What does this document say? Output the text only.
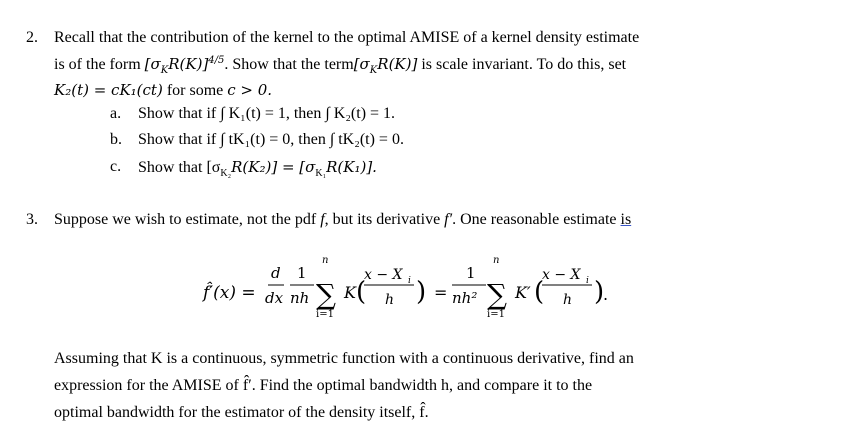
2. Recall that the contribution of the kernel to the optimal AMISE of a kernel density estimate
is of the form $[\sigma_KR(K)]^{4/5}$. Show that the $term[\sigma_KR(K)]$ is scale invariant. To do this, set
K₂(t) = cK₁(ct) for some c > 0.
a. Show that if ∫ K₁(t) = 1, then ∫ K₂(t) = 1.
b. Show that if ∫ tK₁(t) = 0, then ∫ tK₂(t) = 0.
c. Show that $[\sigma_{K_2}R(K_2)] = [\sigma_{K_1}R(K_1)]$.
3. Suppose we wish to estimate, not the pdf f, but its derivative f′. One reasonable estimate is
f̂′(x) =
d
dx
1
nh
n
∑
i=1
K (
x − X i
h ) =
1
nh²
n
∑
i=1
K′ (
x − X i
h )
.
Assuming that K is a continuous, symmetric function with a continuous derivative, find an
expression for the AMISE of f̂′. Find the optimal bandwidth h, and compare it to the
optimal bandwidth for the estimator of the density itself, f̂.
